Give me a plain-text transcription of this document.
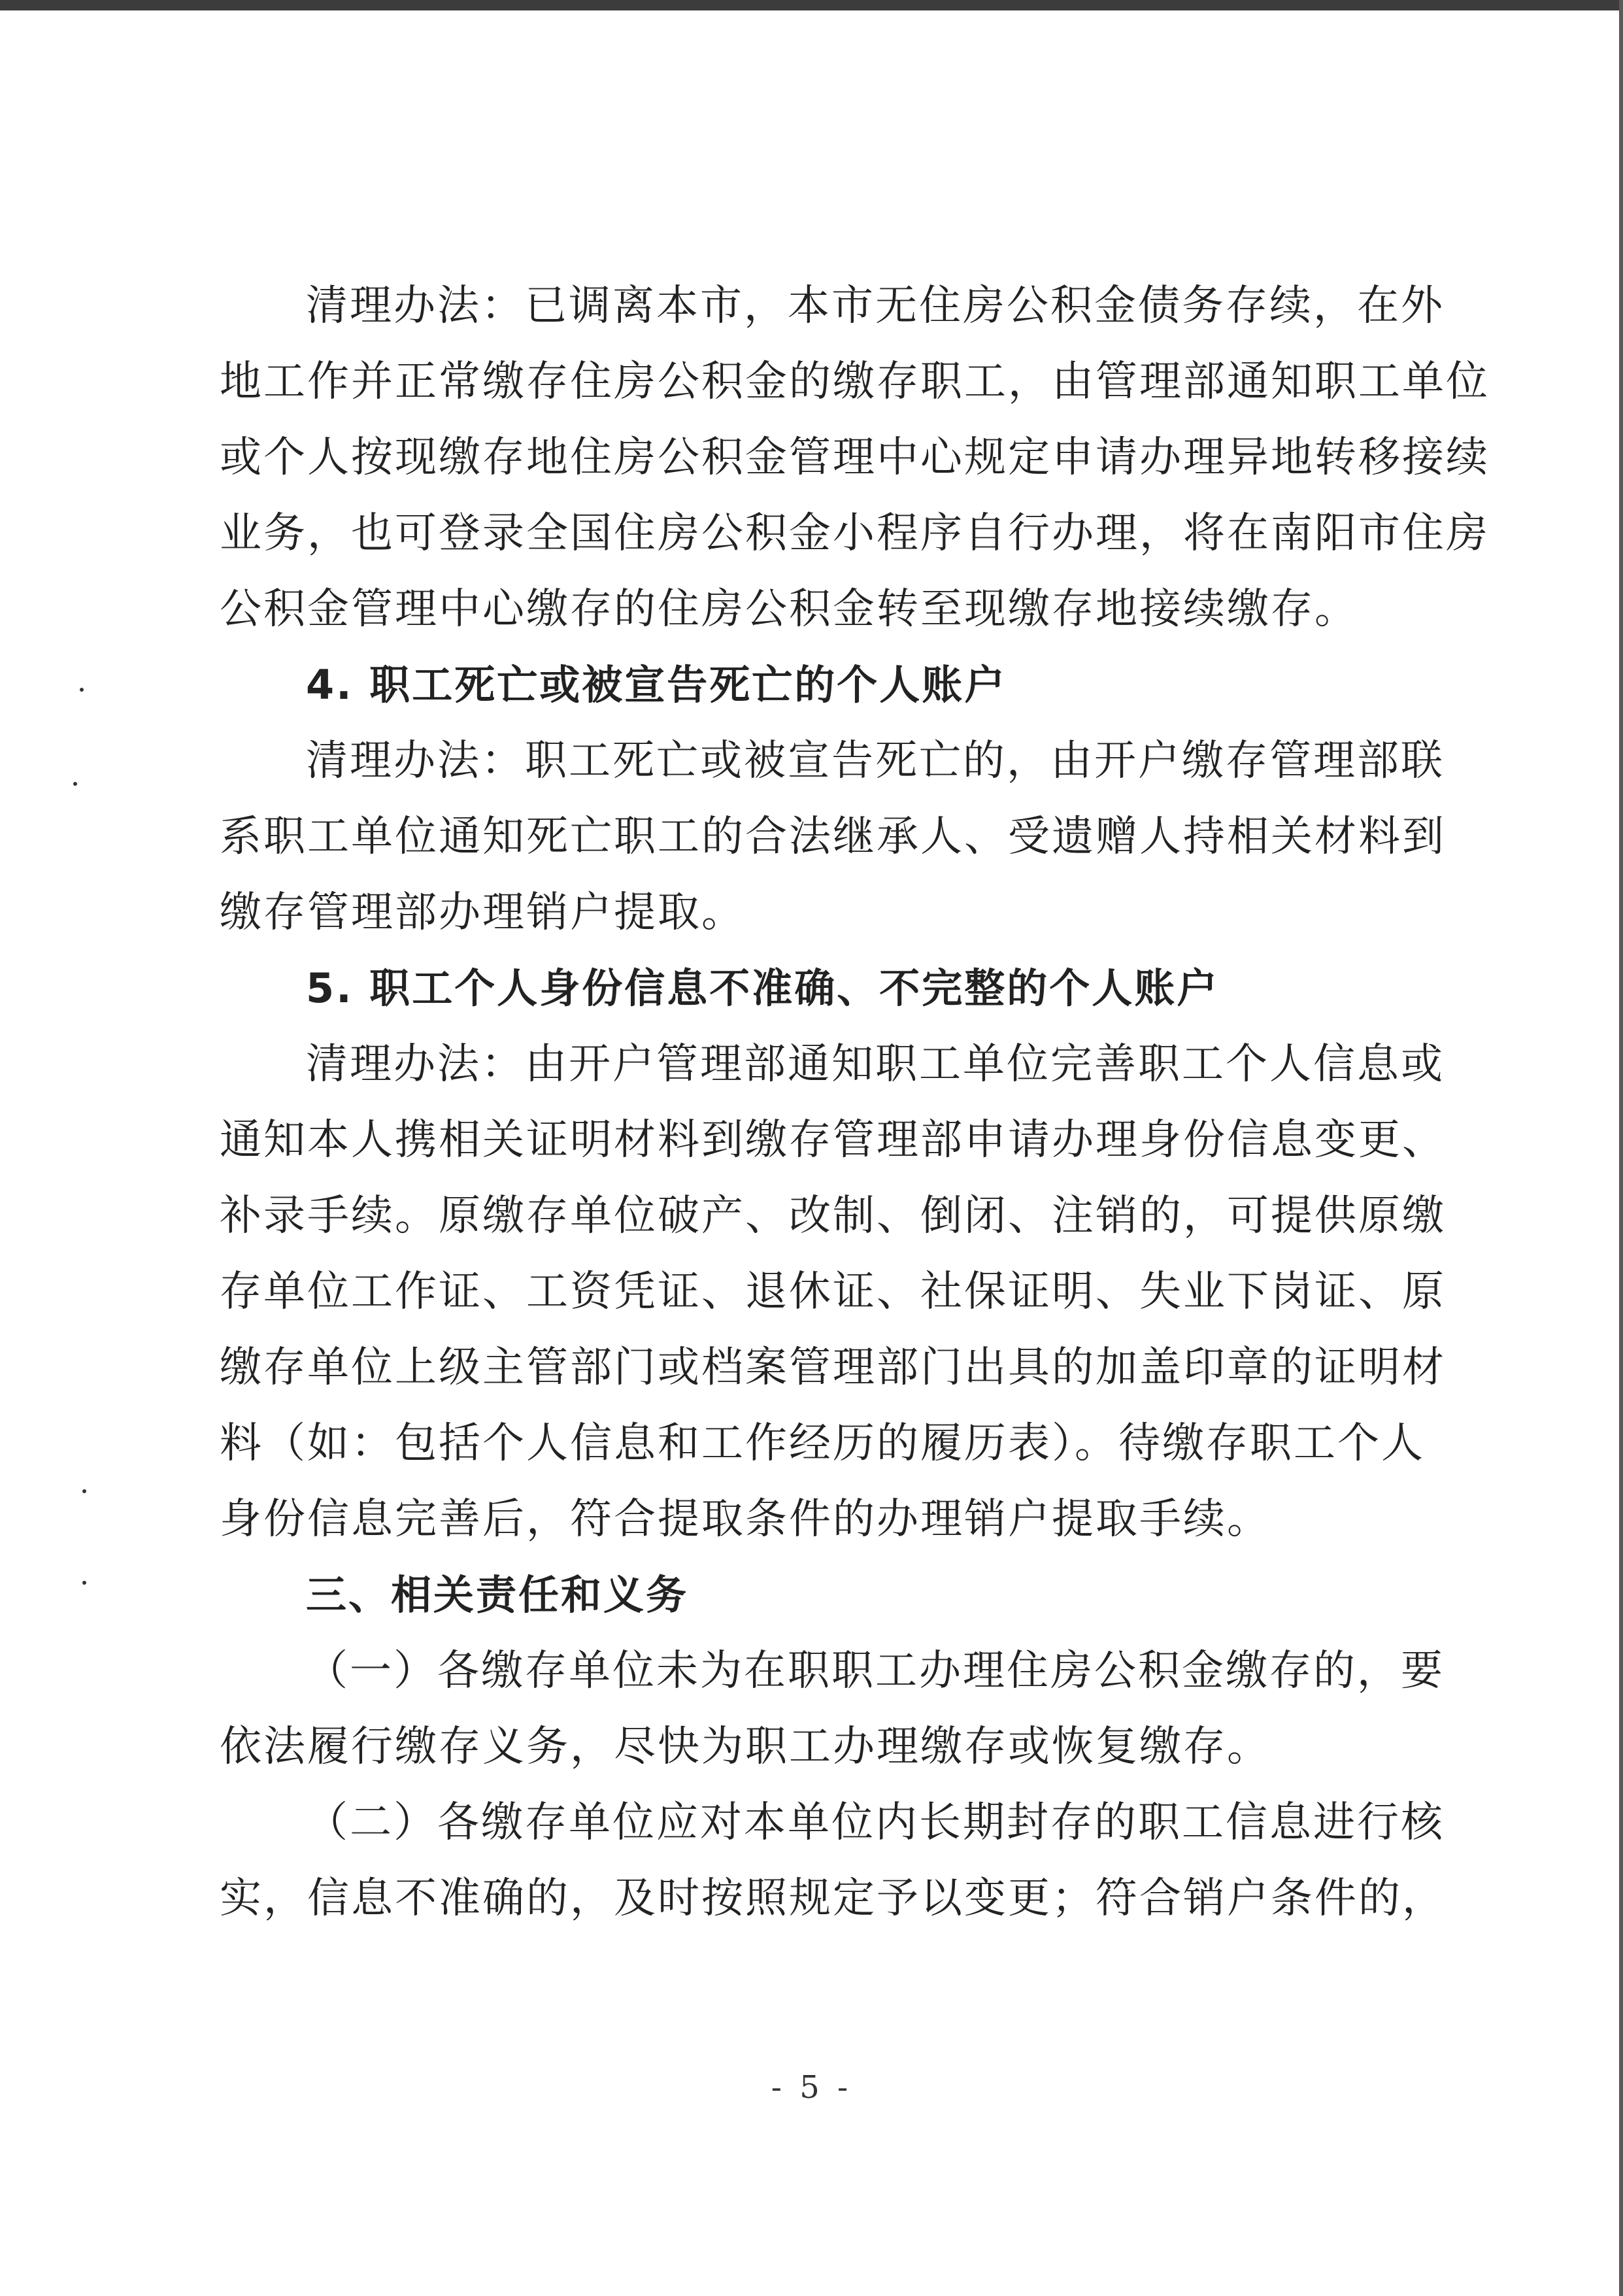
清理办法：已调离本市，本市无住房公积金债务存续，在外
地工作并正常缴存住房公积金的缴存职工，由管理部通知职工单位
或个人按现缴存地住房公积金管理中心规定申请办理异地转移接续
业务，也可登录全国住房公积金小程序自行办理，将在南阳市住房
公积金管理中心缴存的住房公积金转至现缴存地接续缴存。
4. 职工死亡或被宣告死亡的个人账户
清理办法：职工死亡或被宣告死亡的，由开户缴存管理部联
系职工单位通知死亡职工的合法继承人、受遗赠人持相关材料到
缴存管理部办理销户提取。
5. 职工个人身份信息不准确、不完整的个人账户
清理办法：由开户管理部通知职工单位完善职工个人信息或
通知本人携相关证明材料到缴存管理部申请办理身份信息变更、
补录手续。原缴存单位破产、改制、倒闭、注销的，可提供原缴
存单位工作证、工资凭证、退休证、社保证明、失业下岗证、原
缴存单位上级主管部门或档案管理部门出具的加盖印章的证明材
料（如：包括个人信息和工作经历的履历表）。待缴存职工个人
身份信息完善后，符合提取条件的办理销户提取手续。
三、相关责任和义务
（一）各缴存单位未为在职职工办理住房公积金缴存的，要
依法履行缴存义务，尽快为职工办理缴存或恢复缴存。
（二）各缴存单位应对本单位内长期封存的职工信息进行核
实，信息不准确的，及时按照规定予以变更；符合销户条件的，
- 5 -
